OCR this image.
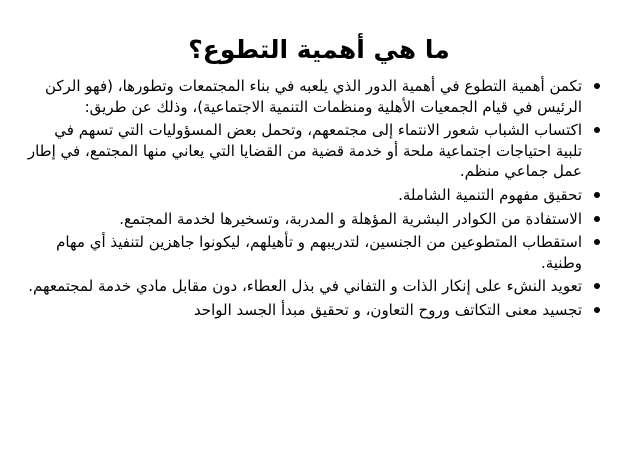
ما هي أهمية التطوع؟
تكمن أهمية التطوع في أهمية الدور الذي يلعبه في بناء المجتمعات وتطورها، (فهو الركن الرئيس في قيام الجمعيات الأهلية ومنظمات التنمية الاجتماعية)، وذلك عن طريق:
اكتساب الشباب شعور الانتماء إلى مجتمعهم، وتحمل بعض المسؤوليات التي تسهم في تلبية احتياجات اجتماعية ملحة أو خدمة قضية من القضايا التي يعاني منها المجتمع، في إطار عمل جماعي منظم.
تحقيق مفهوم التنمية الشاملة.
الاستفادة من الكوادر البشرية المؤهلة و المدربة، وتسخيرها لخدمة المجتمع.
استقطاب المتطوعين من الجنسين، لتدريبهم و تأهيلهم، ليكونوا جاهزين لتنفيذ أي مهام وطنية.
تعويد النشء على إنكار الذات و التفاني في بذل العطاء، دون مقابل مادي خدمة لمجتمعهم.
تجسيد معنى التكاتف وروح التعاون، و تحقيق مبدأ الجسد الواحد
